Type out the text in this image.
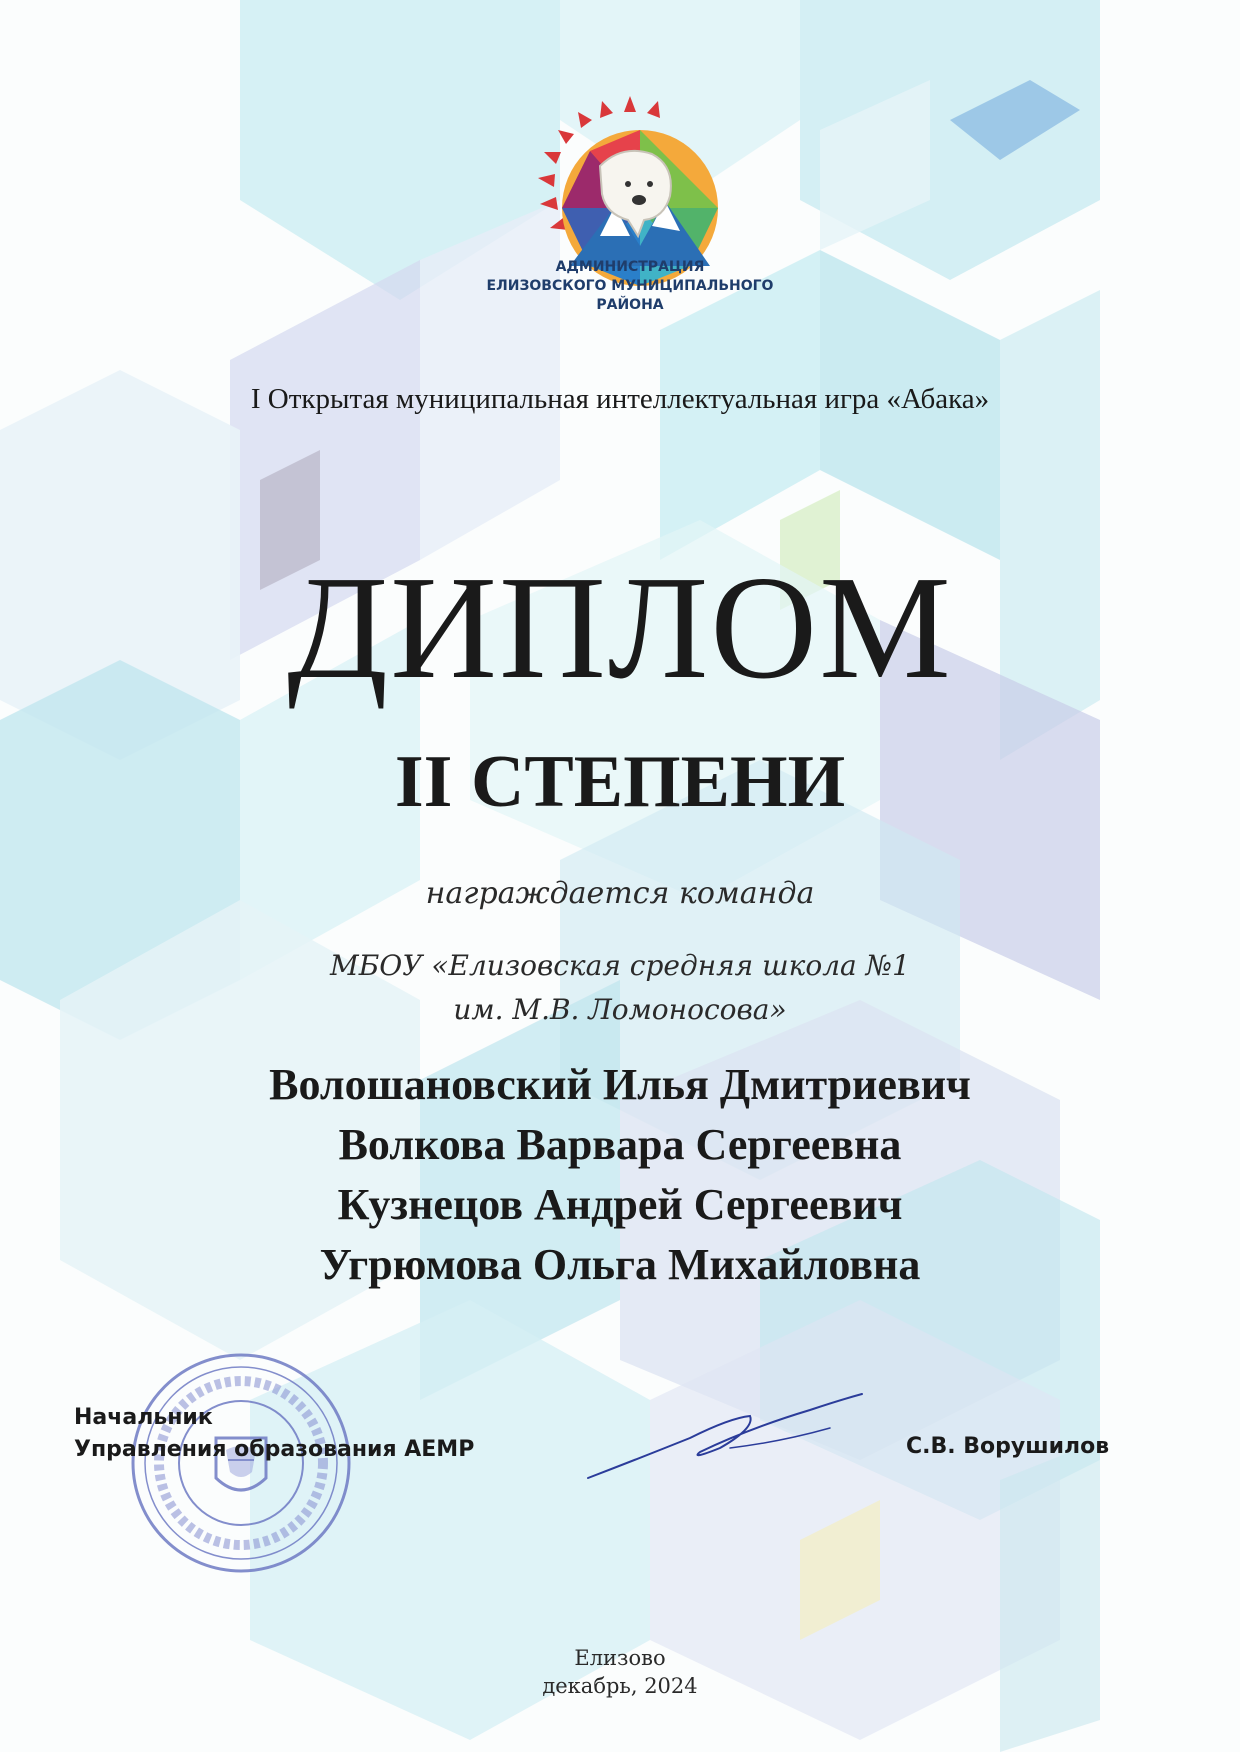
АДМИНИСТРАЦИЯ
ЕЛИЗОВСКОГО МУНИЦИПАЛЬНОГО
РАЙОНА
I Открытая муниципальная интеллектуальная игра «Абака»
ДИПЛОМ
II СТЕПЕНИ
награждается команда
МБОУ «Елизовская средняя школа №1
им. М.В. Ломоносова»
Волошановский Илья Дмитриевич
Волкова Варвара Сергеевна
Кузнецов Андрей Сергеевич
Угрюмова Ольга Михайловна
Начальник
Управления образования АЕМР	С.В. Ворушилов
Елизово
декабрь, 2024
